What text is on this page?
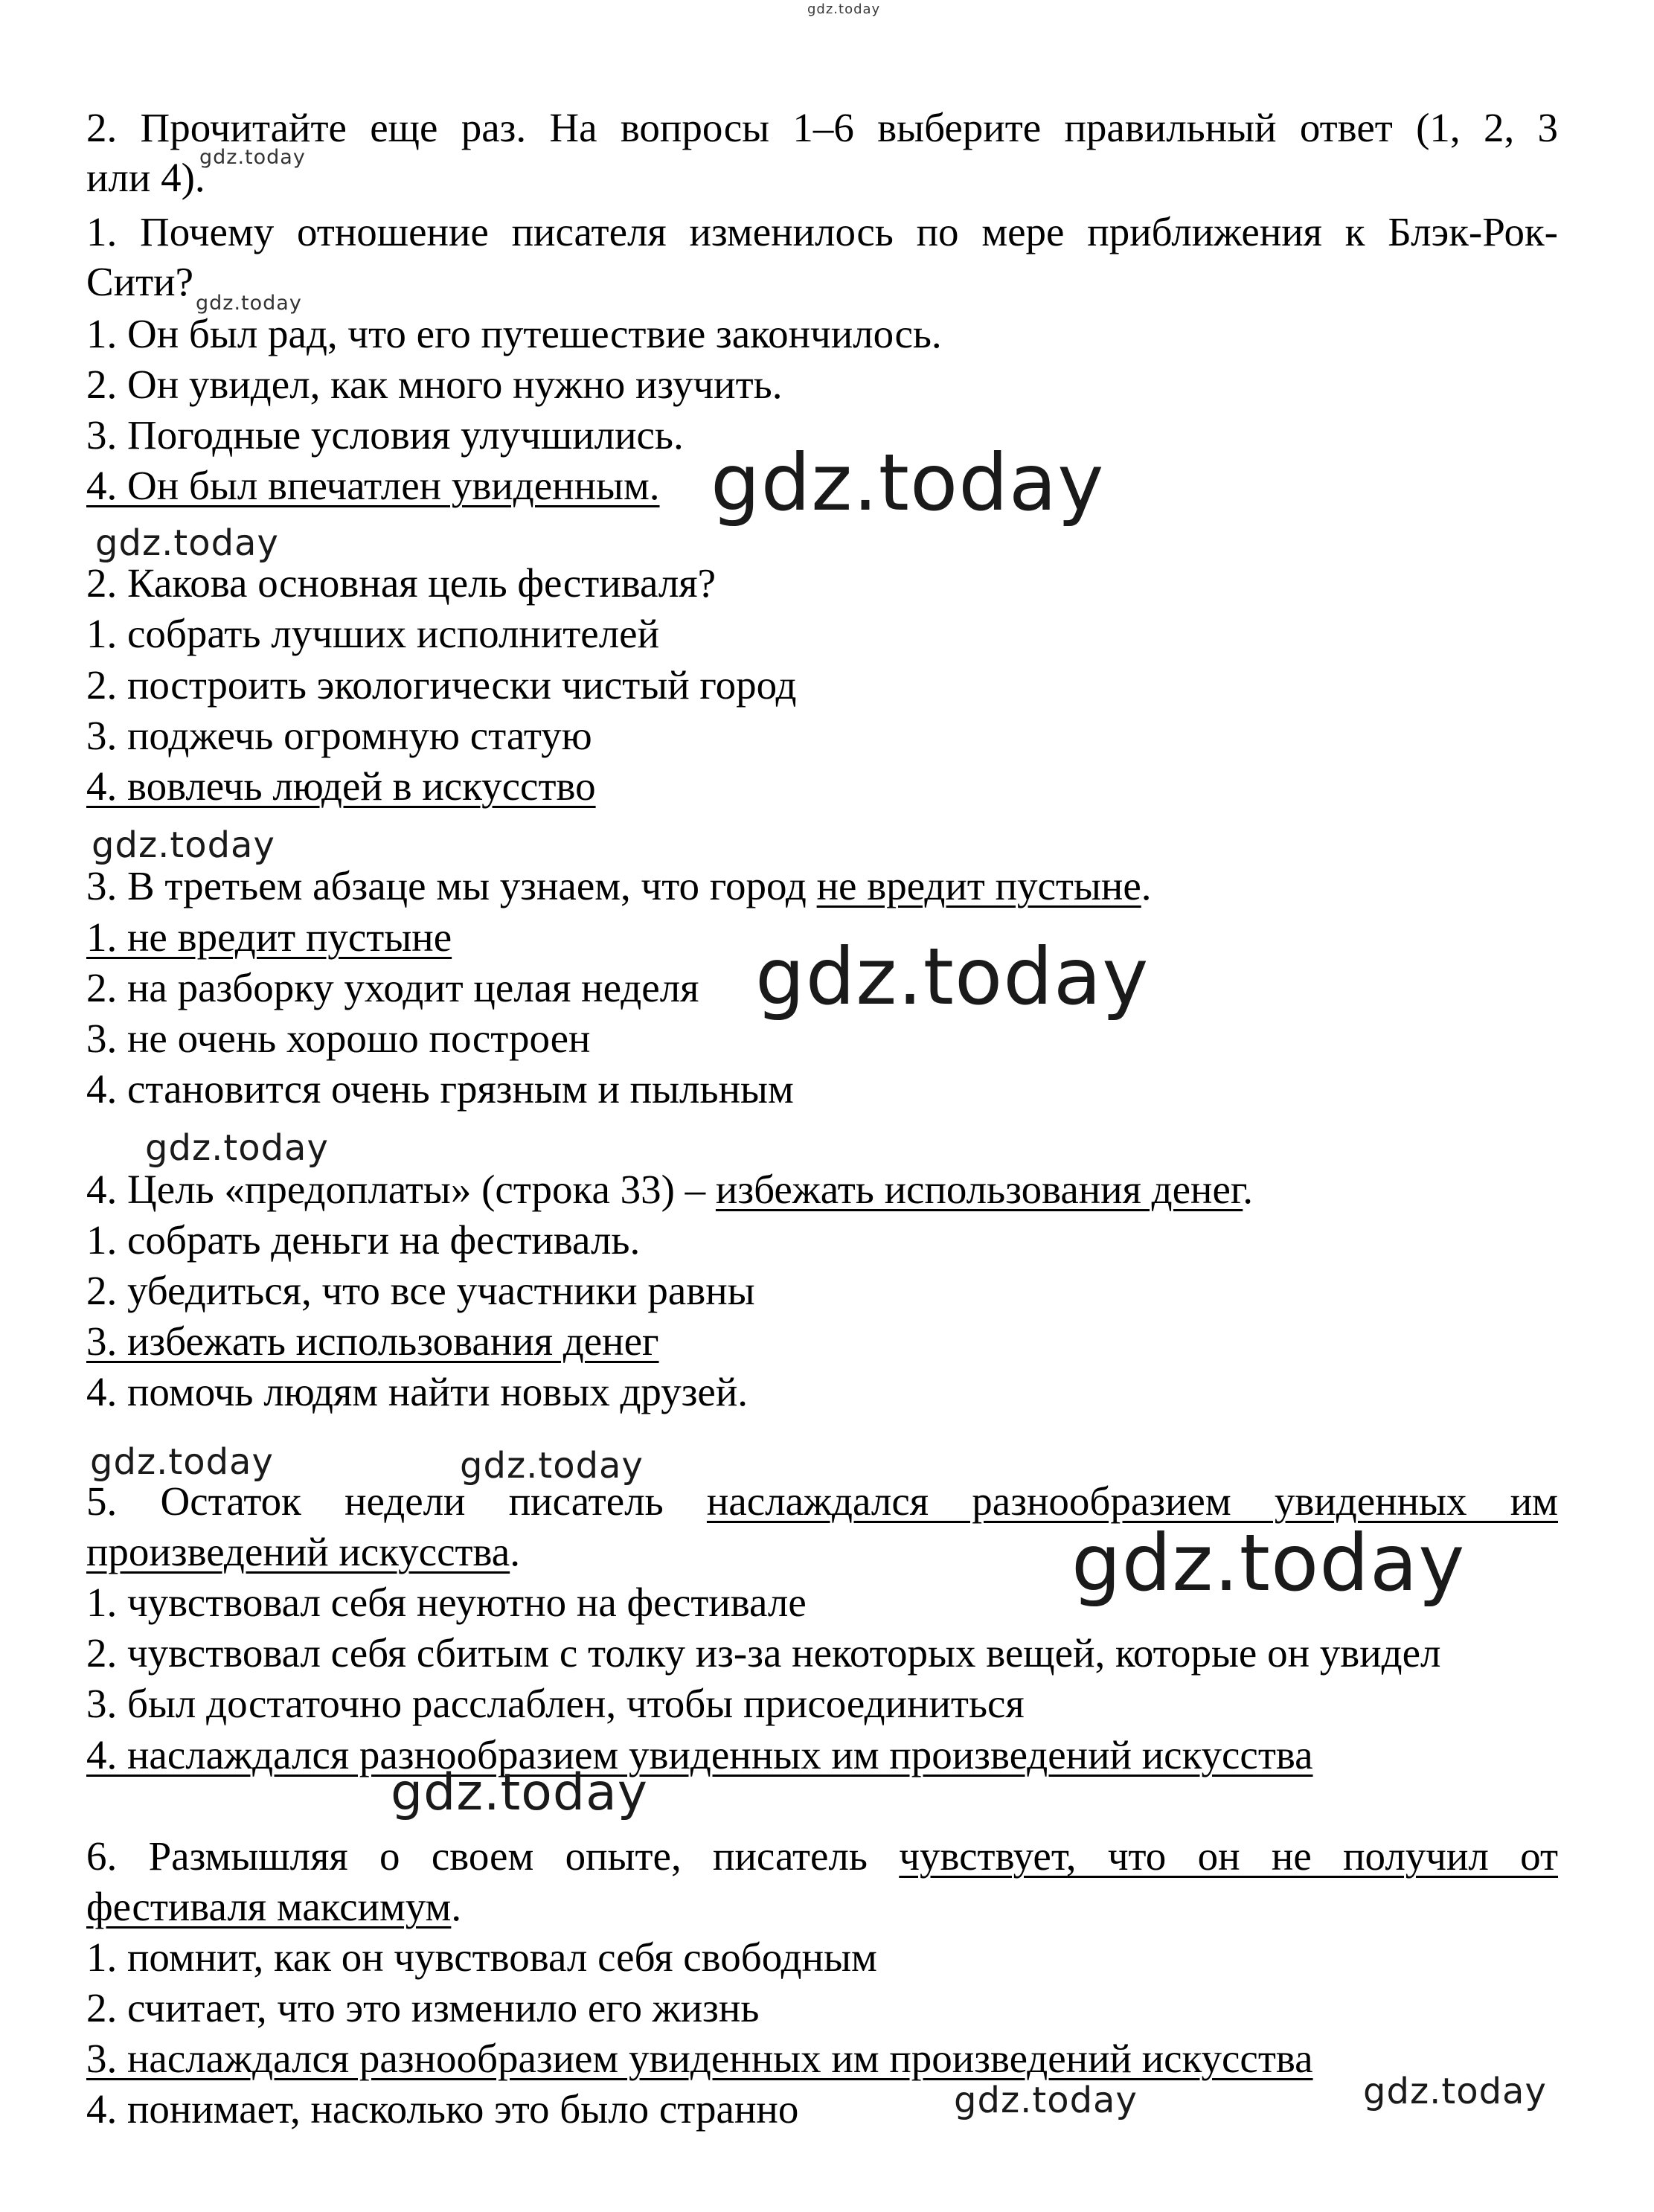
gdz.today
2. Прочитайте еще раз. На вопросы 1–6 выберите правильный ответ (1, 2, 3
или 4).
gdz.today
1. Почему отношение писателя изменилось по мере приближения к Блэк-Рок-
Сити? gdz.today
1. Он был рад, что его путешествие закончилось.
2. Он увидел, как много нужно изучить.
3. Погодные условия улучшились.
4. Он был впечатлен увиденным. gdz.today
gdz.today
2. Какова основная цель фестиваля?
1. собрать лучших исполнителей
2. построить экологически чистый город
3. поджечь огромную статую
4. вовлечь людей в искусство
gdz.today
3. В третьем абзаце мы узнаем, что город не вредит пустыне.
1. не вредит пустыне
2. на разборку уходит целая неделя gdz.today
3. не очень хорошо построен
4. становится очень грязным и пыльным
gdz.today
4. Цель «предоплаты» (строка 33) – избежать использования денег.
1. собрать деньги на фестиваль.
2. убедиться, что все участники равны
3. избежать использования денег
4. помочь людям найти новых друзей.
gdz.today	gdz.today
5. Остаток недели писатель наслаждался разнообразием увиденных им
произведений искусства.	gdz.today
1. чувствовал себя неуютно на фестивале
2. чувствовал себя сбитым с толку из-за некоторых вещей, которые он увидел
3. был достаточно расслаблен, чтобы присоединиться
4. наслаждался разнообразием увиденных им произведений искусства
gdz.today
6. Размышляя о своем опыте, писатель чувствует, что он не получил от
фестиваля максимум.
1. помнит, как он чувствовал себя свободным
2. считает, что это изменило его жизнь
3. наслаждался разнообразием увиденных им произведений искусства
4. понимает, насколько это было странно	gdz.today	gdz.today
